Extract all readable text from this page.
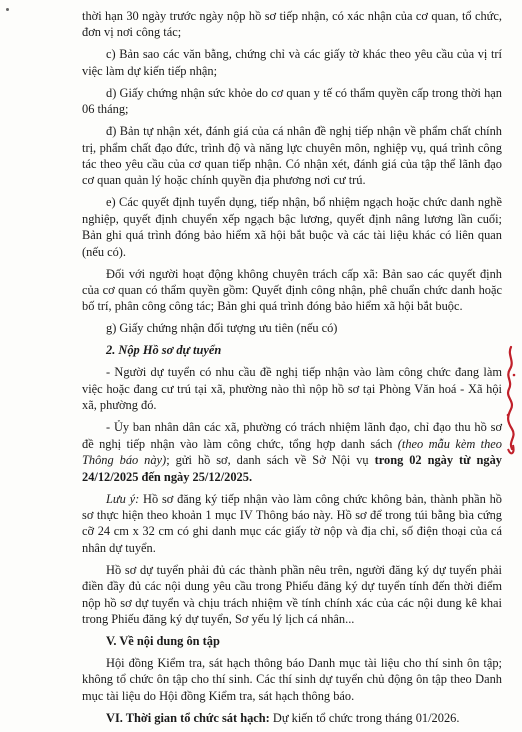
thời hạn 30 ngày trước ngày nộp hồ sơ tiếp nhận, có xác nhận của cơ quan, tổ chức, đơn vị nơi công tác;

c) Bản sao các văn bằng, chứng chỉ và các giấy tờ khác theo yêu cầu của vị trí việc làm dự kiến tiếp nhận;

d) Giấy chứng nhận sức khỏe do cơ quan y tế có thẩm quyền cấp trong thời hạn 06 tháng;

đ) Bản tự nhận xét, đánh giá của cá nhân đề nghị tiếp nhận về phẩm chất chính trị, phẩm chất đạo đức, trình độ và năng lực chuyên môn, nghiệp vụ, quá trình công tác theo yêu cầu của cơ quan tiếp nhận. Có nhận xét, đánh giá của tập thể lãnh đạo cơ quan quản lý hoặc chính quyền địa phương nơi cư trú.

e) Các quyết định tuyển dụng, tiếp nhận, bổ nhiệm ngạch hoặc chức danh nghề nghiệp, quyết định chuyển xếp ngạch bậc lương, quyết định nâng lương lần cuối; Bản ghi quá trình đóng bảo hiểm xã hội bắt buộc và các tài liệu khác có liên quan (nếu có).

Đối với người hoạt động không chuyên trách cấp xã: Bản sao các quyết định của cơ quan có thẩm quyền gồm: Quyết định công nhận, phê chuẩn chức danh hoặc bố trí, phân công công tác; Bản ghi quá trình đóng bảo hiểm xã hội bắt buộc.

g) Giấy chứng nhận đối tượng ưu tiên (nếu có)

2. Nộp Hồ sơ dự tuyển

- Người dự tuyển có nhu cầu đề nghị tiếp nhận vào làm công chức đang làm việc hoặc đang cư trú tại xã, phường nào thì nộp hồ sơ tại Phòng Văn hoá - Xã hội xã, phường đó.

- Ủy ban nhân dân các xã, phường có trách nhiệm lãnh đạo, chỉ đạo thu hồ sơ đề nghị tiếp nhận vào làm công chức, tổng hợp danh sách (theo mẫu kèm theo Thông báo này); gửi hồ sơ, danh sách về Sở Nội vụ trong 02 ngày từ ngày 24/12/2025 đến ngày 25/12/2025.

Lưu ý: Hồ sơ đăng ký tiếp nhận vào làm công chức không bản, thành phần hồ sơ thực hiện theo khoản 1 mục IV Thông báo này. Hồ sơ để trong túi bằng bìa cứng cỡ 24 cm x 32 cm có ghi danh mục các giấy tờ nộp và địa chỉ, số điện thoại của cá nhân dự tuyển.

Hồ sơ dự tuyển phải đủ các thành phần nêu trên, người đăng ký dự tuyển phải điền đầy đủ các nội dung yêu cầu trong Phiếu đăng ký dự tuyển tính đến thời điểm nộp hồ sơ dự tuyển và chịu trách nhiệm về tính chính xác của các nội dung kê khai trong Phiếu đăng ký dự tuyển, Sơ yếu lý lịch cá nhân...

V. Về nội dung ôn tập

Hội đồng Kiểm tra, sát hạch thông báo Danh mục tài liệu cho thí sinh ôn tập; không tổ chức ôn tập cho thí sinh. Các thí sinh dự tuyển chủ động ôn tập theo Danh mục tài liệu do Hội đồng Kiểm tra, sát hạch thông báo.

VI. Thời gian tổ chức sát hạch: Dự kiến tổ chức trong tháng 01/2026.
